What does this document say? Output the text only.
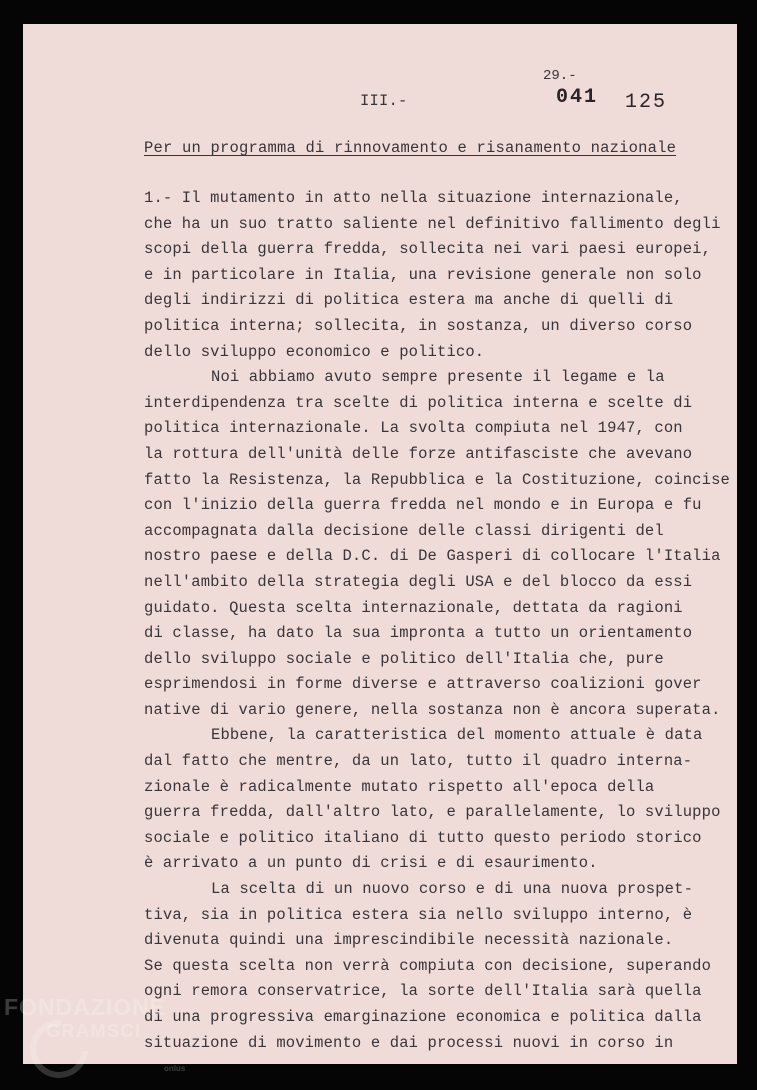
29.-
III.-	041 125
Per un programma di rinnovamento e risanamento nazionale
1.- Il mutamento in atto nella situazione internazionale,
che ha un suo tratto saliente nel definitivo fallimento degli
scopi della guerra fredda, sollecita nei vari paesi europei,
e in particolare in Italia, una revisione generale non solo
degli indirizzi di politica estera ma anche di quelli di
politica interna; sollecita, in sostanza, un diverso corso
dello sviluppo economico e politico.
Noi abbiamo avuto sempre presente il legame e la
interdipendenza tra scelte di politica interna e scelte di
politica internazionale. La svolta compiuta nel 1947, con
la rottura dell'unità delle forze antifasciste che avevano
fatto la Resistenza, la Repubblica e la Costituzione, coincise
con l'inizio della guerra fredda nel mondo e in Europa e fu
accompagnata dalla decisione delle classi dirigenti del
nostro paese e della D.C. di De Gasperi di collocare l'Italia
nell'ambito della strategia degli USA e del blocco da essi
guidato. Questa scelta internazionale, dettata da ragioni
di classe, ha dato la sua impronta a tutto un orientamento
dello sviluppo sociale e politico dell'Italia che, pure
esprimendosi in forme diverse e attraverso coalizioni gover
native di vario genere, nella sostanza non è ancora superata.
Ebbene, la caratteristica del momento attuale è data
dal fatto che mentre, da un lato, tutto il quadro interna-
zionale è radicalmente mutato rispetto all'epoca della
guerra fredda, dall'altro lato, e parallelamente, lo sviluppo
sociale e politico italiano di tutto questo periodo storico
è arrivato a un punto di crisi e di esaurimento.
La scelta di un nuovo corso e di una nuova prospet-
tiva, sia in politica estera sia nello sviluppo interno, è
divenuta quindi una imprescindibile necessità nazionale.
Se questa scelta non verrà compiuta con decisione, superando
ogni remora conservatrice, la sorte dell'Italia sarà quella
di una progressiva emarginazione economica e politica dalla
situazione di movimento e dai processi nuovi in corso in
FONDAZIONE
GRAMSCI
onlus
